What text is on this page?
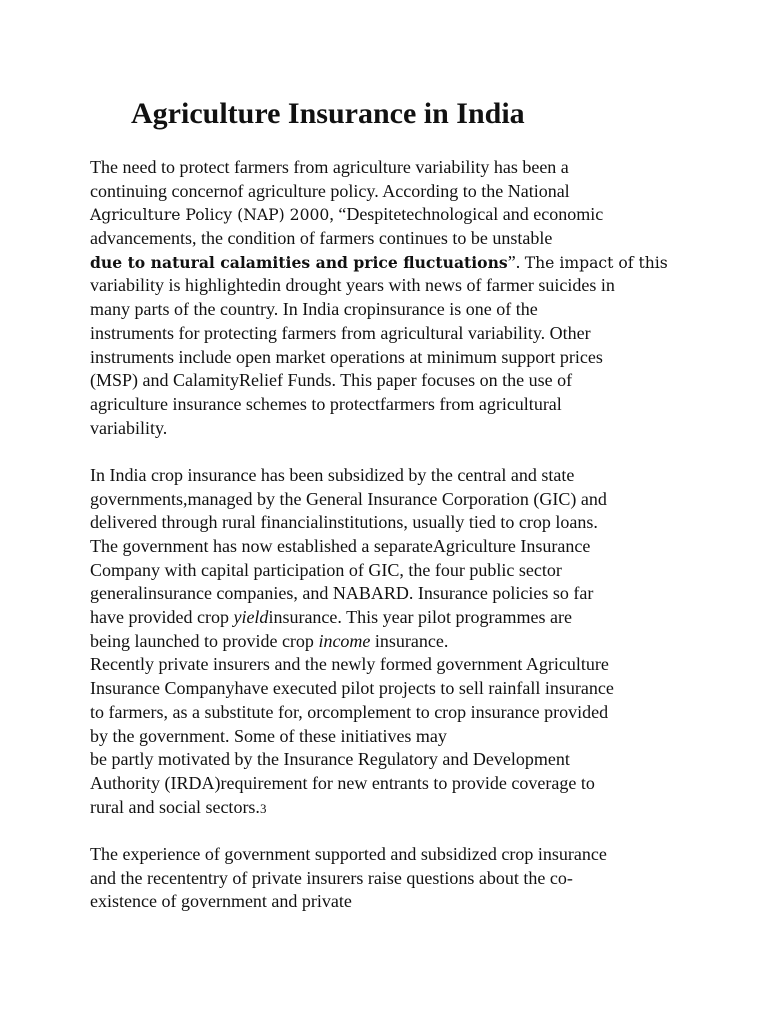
Agriculture Insurance in India
The need to protect farmers from agriculture variability has been a
continuing concernof agriculture policy. According to the National
Agriculture Policy (NAP) 2000, “Despitetechnological and economic
advancements, the condition of farmers continues to be unstable
due to natural calamities and price fluctuations”. The impact of this
variability is highlightedin drought years with news of farmer suicides in
many parts of the country. In India cropinsurance is one of the
instruments for protecting farmers from agricultural variability. Other
instruments include open market operations at minimum support prices
(MSP) and CalamityRelief Funds. This paper focuses on the use of
agriculture insurance schemes to protectfarmers from agricultural
variability.
In India crop insurance has been subsidized by the central and state
governments,managed by the General Insurance Corporation (GIC) and
delivered through rural financialinstitutions, usually tied to crop loans.
The government has now established a separateAgriculture Insurance
Company with capital participation of GIC, the four public sector
generalinsurance companies, and NABARD. Insurance policies so far
have provided crop yieldinsurance. This year pilot programmes are
being launched to provide crop income insurance.
Recently private insurers and the newly formed government Agriculture
Insurance Companyhave executed pilot projects to sell rainfall insurance
to farmers, as a substitute for, orcomplement to crop insurance provided
by the government. Some of these initiatives may
be partly motivated by the Insurance Regulatory and Development
Authority (IRDA)requirement for new entrants to provide coverage to
rural and social sectors.3
The experience of government supported and subsidized crop insurance
and the recententry of private insurers raise questions about the co-
existence of government and private
